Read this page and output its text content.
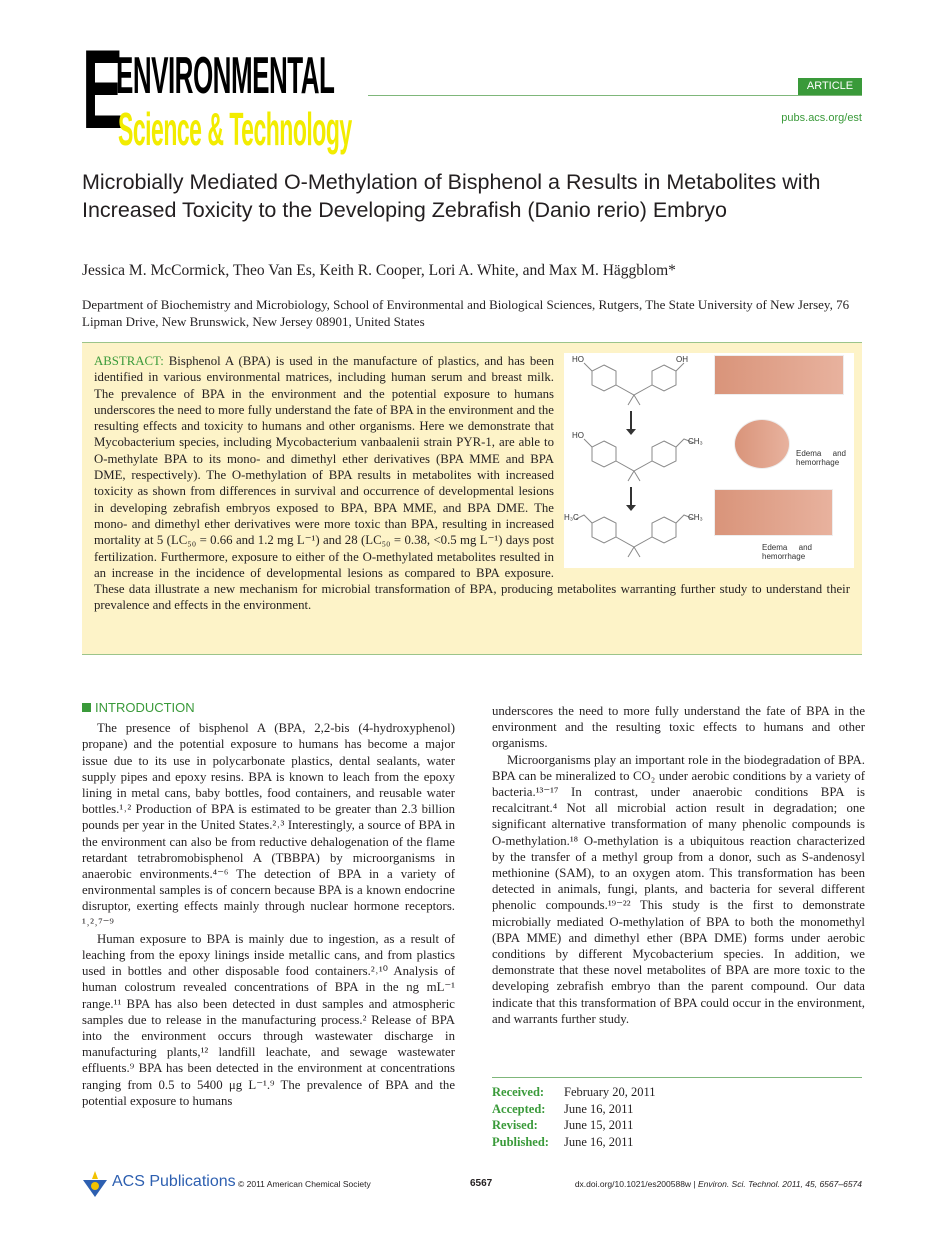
E
ENVIRONMENTAL
Science & Technology
ARTICLE
pubs.acs.org/est
Microbially Mediated O-Methylation of Bisphenol a Results in Metabolites with Increased Toxicity to the Developing Zebrafish (Danio rerio) Embryo
Jessica M. McCormick, Theo Van Es, Keith R. Cooper, Lori A. White, and Max M. Häggblom*
Department of Biochemistry and Microbiology, School of Environmental and Biological Sciences, Rutgers, The State University of New Jersey, 76 Lipman Drive, New Brunswick, New Jersey 08901, United States
HO	OH
HO
CH₃
H₃C	CH₃
Edema and hemorrhage
Edema and hemorrhage
ABSTRACT: Bisphenol A (BPA) is used in the manufacture of plastics, and has been identified in various environmental matrices, including human serum and breast milk. The prevalence of BPA in the environment and the potential exposure to humans underscores the need to more fully understand the fate of BPA in the environment and the resulting effects and toxicity to humans and other organisms. Here we demonstrate that Mycobacterium species, including Mycobacterium vanbaalenii strain PYR-1, are able to O-methylate BPA to its mono- and dimethyl ether derivatives (BPA MME and BPA DME, respectively). The O-methylation of BPA results in metabolites with increased toxicity as shown from differences in survival and occurrence of developmental lesions in developing zebrafish embryos exposed to BPA, BPA MME, and BPA DME. The mono- and dimethyl ether derivatives were more toxic than BPA, resulting in increased mortality at 5 (LC₅₀ = 0.66 and 1.2 mg L⁻¹) and 28 (LC₅₀ = 0.38, <0.5 mg L⁻¹) days post fertilization. Furthermore, exposure to either of the O-methylated metabolites resulted in an increase in the incidence of developmental lesions as compared to BPA exposure. These data illustrate a new mechanism for microbial transformation of BPA, producing metabolites warranting further study to understand their prevalence and effects in the environment.
INTRODUCTION

The presence of bisphenol A (BPA, 2,2-bis (4-hydroxyphenol) propane) and the potential exposure to humans has become a major issue due to its use in polycarbonate plastics, dental sealants, water supply pipes and epoxy resins. BPA is known to leach from the epoxy lining in metal cans, baby bottles, food containers, and reusable water bottles.¹˒² Production of BPA is estimated to be greater than 2.3 billion pounds per year in the United States.²˒³ Interestingly, a source of BPA in the environment can also be from reductive dehalogenation of the flame retardant tetrabromobisphenol A (TBBPA) by microorganisms in anaerobic environments.⁴⁻⁶ The detection of BPA in a variety of environmental samples is of concern because BPA is a known endocrine disruptor, exerting effects mainly through nuclear hormone receptors. ¹˒²˒⁷⁻⁹

Human exposure to BPA is mainly due to ingestion, as a result of leaching from the epoxy linings inside metallic cans, and from plastics used in bottles and other disposable food containers.²˒¹⁰ Analysis of human colostrum revealed concentrations of BPA in the ng mL⁻¹ range.¹¹ BPA has also been detected in dust samples and atmospheric samples due to release in the manufacturing process.² Release of BPA into the environment occurs through wastewater discharge in manufacturing plants,¹² landfill leachate, and sewage wastewater effluents.⁹ BPA has been detected in the environment at concentrations ranging from 0.5 to 5400 μg L⁻¹.⁹ The prevalence of BPA and the potential exposure to humans

underscores the need to more fully understand the fate of BPA in the environment and the resulting toxic effects to humans and other organisms.

Microorganisms play an important role in the biodegradation of BPA. BPA can be mineralized to CO₂ under aerobic conditions by a variety of bacteria.¹³⁻¹⁷ In contrast, under anaerobic conditions BPA is recalcitrant.⁴ Not all microbial action result in degradation; one significant alternative transformation of many phenolic compounds is O-methylation.¹⁸ O-methylation is a ubiquitous reaction characterized by the transfer of a methyl group from a donor, such as S-andenosyl methionine (SAM), to an oxygen atom. This transformation has been detected in animals, fungi, plants, and bacteria for several different phenolic compounds.¹⁹⁻²² This study is the first to demonstrate microbially mediated O-methylation of BPA to both the monomethyl (BPA MME) and dimethyl ether (BPA DME) forms under aerobic conditions by different Mycobacterium species. In addition, we demonstrate that these novel metabolites of BPA are more toxic to the developing zebrafish embryo than the parent compound. Our data indicate that this transformation of BPA could occur in the environment, and warrants further study.

Received:	February 20, 2011
Accepted:	June 16, 2011
Revised:	June 15, 2011
Published:	June 16, 2011
ACS Publications © 2011 American Chemical Society	6567	dx.doi.org/10.1021/es200588w | Environ. Sci. Technol. 2011, 45, 6567–6574
